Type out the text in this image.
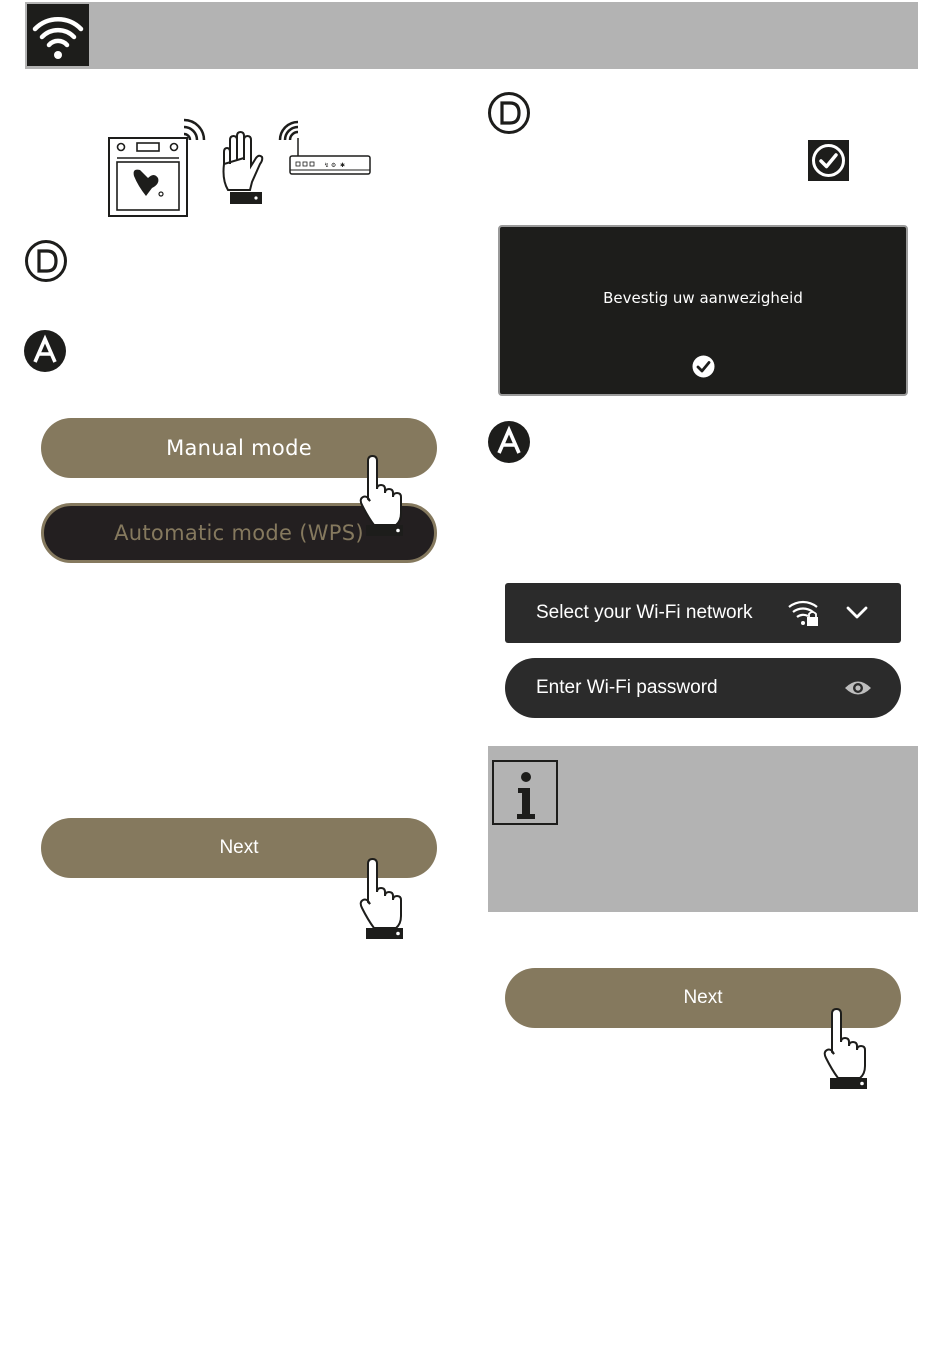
↯ ⚙ ✱
Manual mode
Automatic mode (WPS)
Next
Bevestig uw aanwezigheid
Select your Wi-Fi network
Enter Wi-Fi password
Next
